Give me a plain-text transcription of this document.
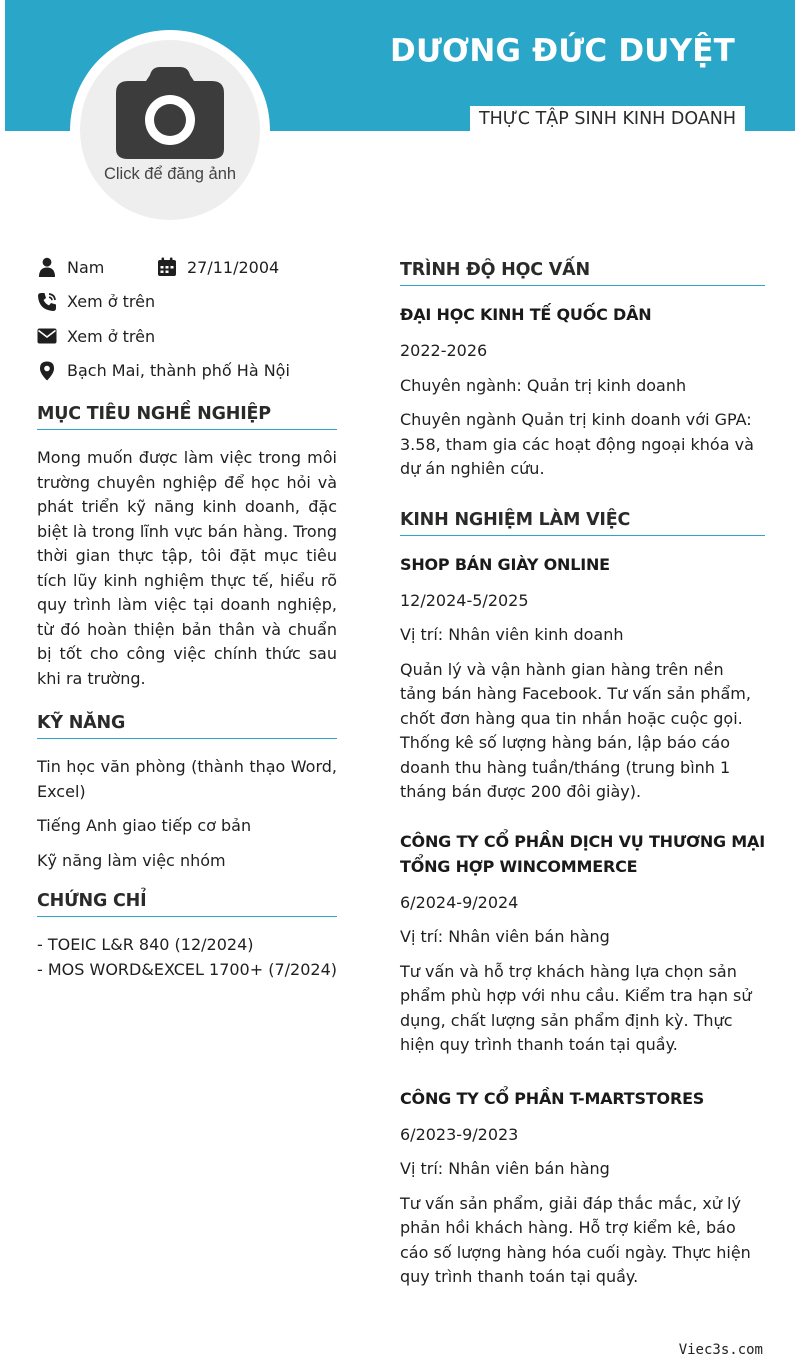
DƯƠNG ĐỨC DUYỆT
THỰC TẬP SINH KINH DOANH
Click để đăng ảnh
Nam	27/11/2004
Xem ở trên
Xem ở trên
Bạch Mai, thành phố Hà Nội
MỤC TIÊU NGHỀ NGHIỆP
Mong muốn được làm việc trong môi trường chuyên nghiệp để học hỏi và phát triển kỹ năng kinh doanh, đặc biệt là trong lĩnh vực bán hàng. Trong thời gian thực tập, tôi đặt mục tiêu tích lũy kinh nghiệm thực tế, hiểu rõ quy trình làm việc tại doanh nghiệp, từ đó hoàn thiện bản thân và chuẩn bị tốt cho công việc chính thức sau khi ra trường.
KỸ NĂNG
Tin học văn phòng (thành thạo Word, Excel)
Tiếng Anh giao tiếp cơ bản
Kỹ năng làm việc nhóm
CHỨNG CHỈ
- TOEIC L&R 840 (12/2024)
- MOS WORD&EXCEL 1700+ (7/2024)
TRÌNH ĐỘ HỌC VẤN
ĐẠI HỌC KINH TẾ QUỐC DÂN
2022-2026
Chuyên ngành: Quản trị kinh doanh
Chuyên ngành Quản trị kinh doanh với GPA: 3.58, tham gia các hoạt động ngoại khóa và dự án nghiên cứu.
KINH NGHIỆM LÀM VIỆC
SHOP BÁN GIÀY ONLINE
12/2024-5/2025
Vị trí: Nhân viên kinh doanh
Quản lý và vận hành gian hàng trên nền tảng bán hàng Facebook. Tư vấn sản phẩm, chốt đơn hàng qua tin nhắn hoặc cuộc gọi. Thống kê số lượng hàng bán, lập báo cáo doanh thu hàng tuần/tháng (trung bình 1 tháng bán được 200 đôi giày).
CÔNG TY CỔ PHẦN DỊCH VỤ THƯƠNG MẠI TỔNG HỢP WINCOMMERCE
6/2024-9/2024
Vị trí: Nhân viên bán hàng
Tư vấn và hỗ trợ khách hàng lựa chọn sản phẩm phù hợp với nhu cầu. Kiểm tra hạn sử dụng, chất lượng sản phẩm định kỳ. Thực hiện quy trình thanh toán tại quầy.
CÔNG TY CỔ PHẦN T-MARTSTORES
6/2023-9/2023
Vị trí: Nhân viên bán hàng
Tư vấn sản phẩm, giải đáp thắc mắc, xử lý phản hồi khách hàng. Hỗ trợ kiểm kê, báo cáo số lượng hàng hóa cuối ngày. Thực hiện quy trình thanh toán tại quầy.
Viec3s.com
